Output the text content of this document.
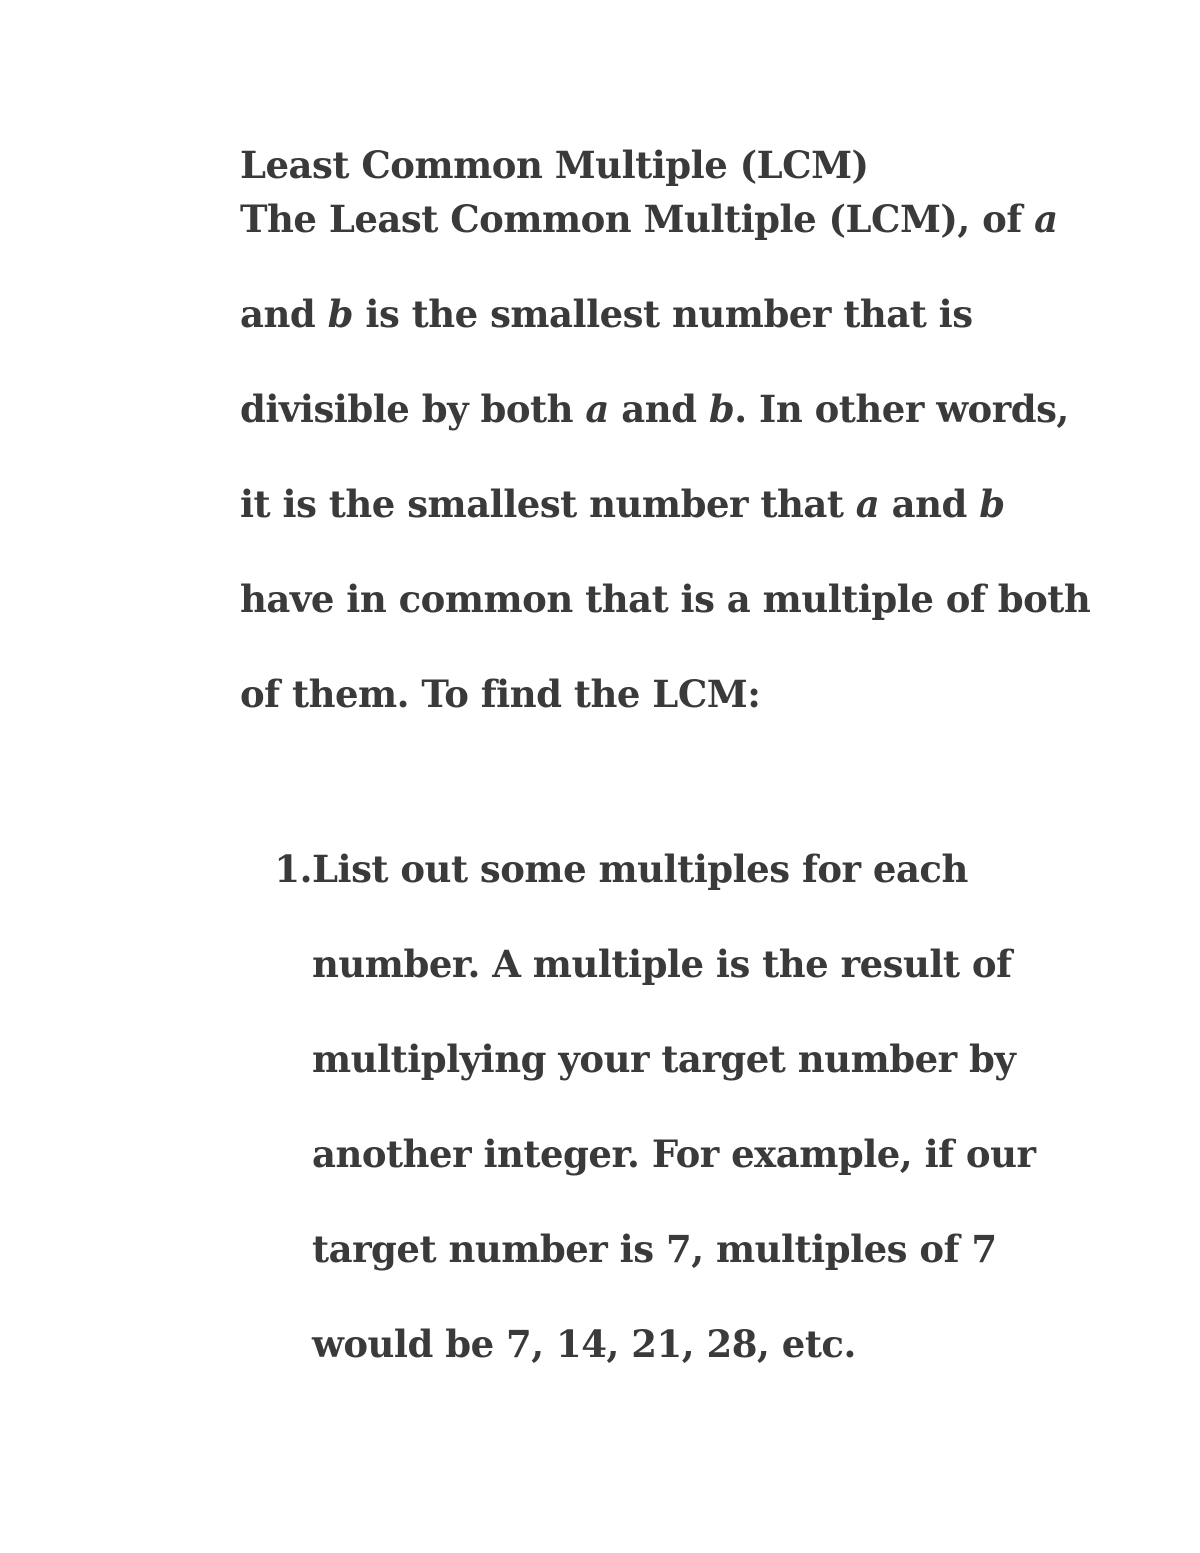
Least Common Multiple (LCM)

The Least Common Multiple (LCM), of a
and b is the smallest number that is
divisible by both a and b. In other words,
it is the smallest number that a and b
have in common that is a multiple of both
of them. To find the LCM:

1. List out some multiples for each
number. A multiple is the result of
multiplying your target number by
another integer. For example, if our
target number is 7, multiples of 7
would be 7, 14, 21, 28, etc.
